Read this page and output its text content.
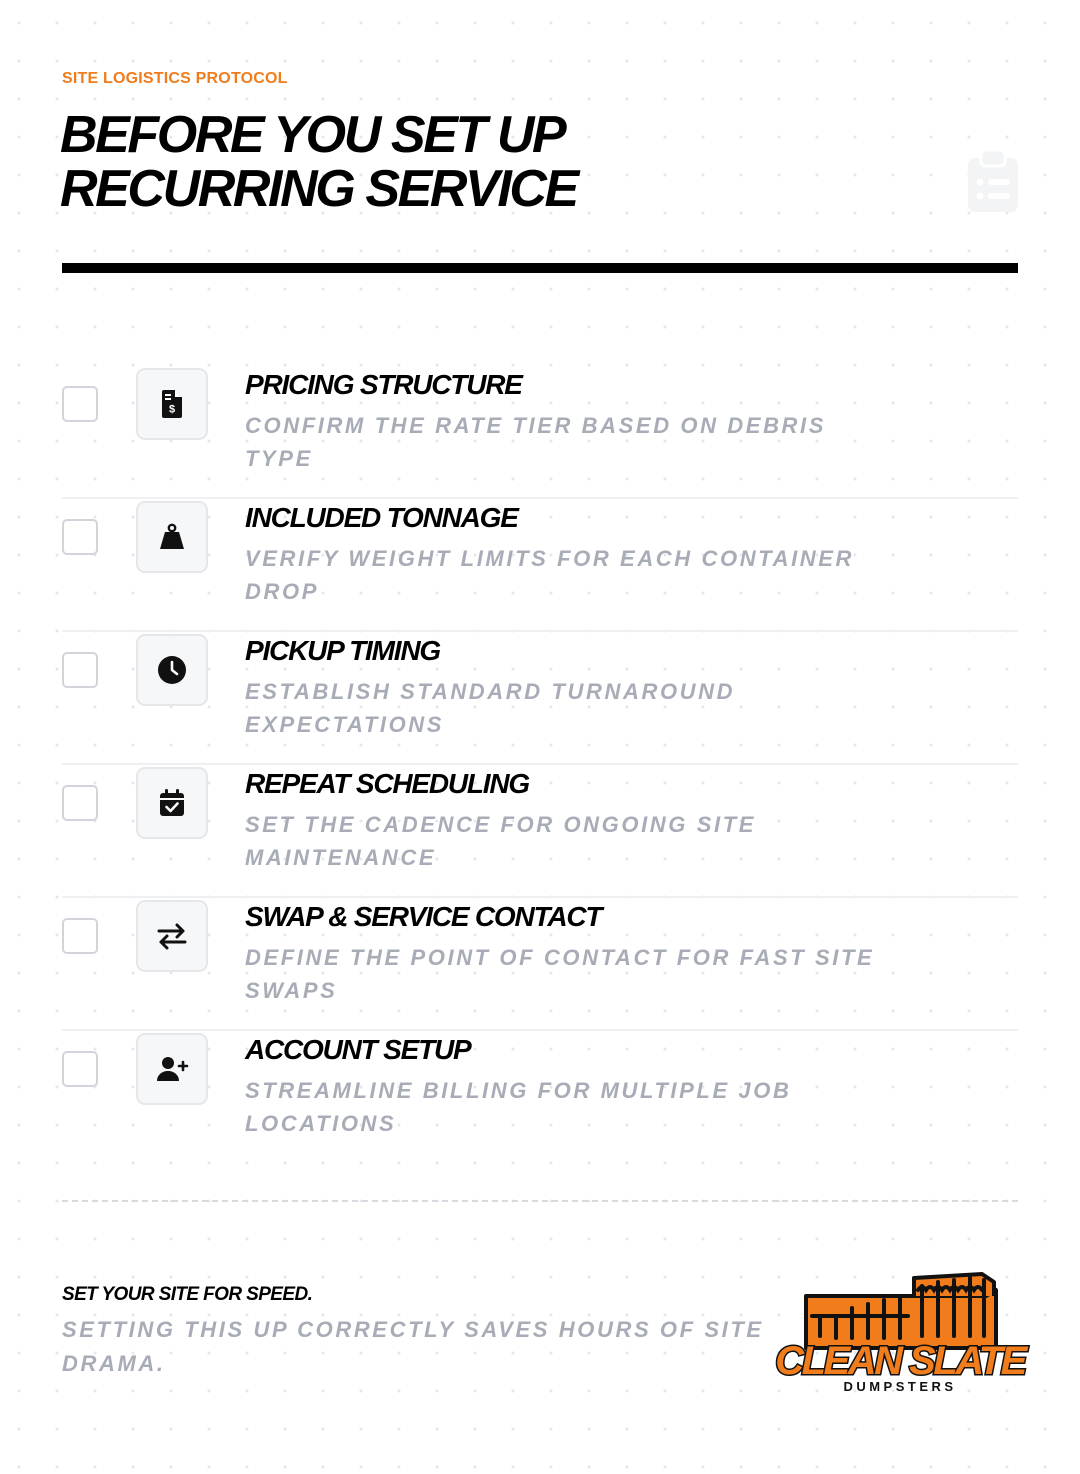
SITE LOGISTICS PROTOCOL
BEFORE YOU SET UP
RECURRING SERVICE
$
PRICING STRUCTURE
CONFIRM THE RATE TIER BASED ON DEBRIS TYPE
INCLUDED TONNAGE
VERIFY WEIGHT LIMITS FOR EACH CONTAINER DROP
PICKUP TIMING
ESTABLISH STANDARD TURNAROUND EXPECTATIONS
REPEAT SCHEDULING
SET THE CADENCE FOR ONGOING SITE MAINTENANCE
SWAP & SERVICE CONTACT
DEFINE THE POINT OF CONTACT FOR FAST SITE SWAPS
ACCOUNT SETUP
STREAMLINE BILLING FOR MULTIPLE JOB LOCATIONS
SET YOUR SITE FOR SPEED.
SETTING THIS UP CORRECTLY SAVES HOURS OF SITE DRAMA.	CLEAN SLATE
DUMPSTERS
